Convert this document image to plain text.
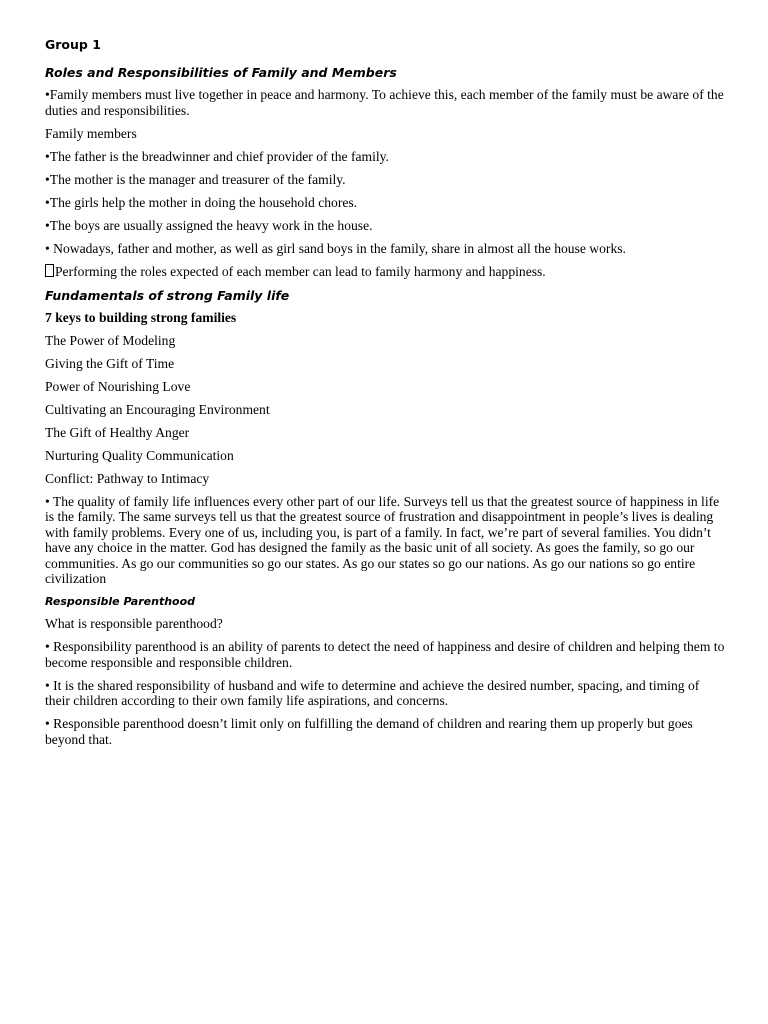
Group 1
Roles and Responsibilities of Family and Members
•Family members must live together in peace and harmony. To achieve this, each member of the family must be aware of the duties and responsibilities.
Family members
•The father is the breadwinner and chief provider of the family.
•The mother is the manager and treasurer of the family.
•The girls help the mother in doing the household chores.
•The boys are usually assigned the heavy work in the house.
• Nowadays, father and mother, as well as girl sand boys in the family, share in almost all the house works.
Performing the roles expected of each member can lead to family harmony and happiness.
Fundamentals of strong Family life
7 keys to building strong families
The Power of Modeling
Giving the Gift of Time
Power of Nourishing Love
Cultivating an Encouraging Environment
The Gift of Healthy Anger
Nurturing Quality Communication
Conflict: Pathway to Intimacy
• The quality of family life influences every other part of our life. Surveys tell us that the greatest source of happiness in life is the family. The same surveys tell us that the greatest source of frustration and disappointment in people’s lives is dealing with family problems. Every one of us, including you, is part of a family. In fact, we’re part of several families. You didn’t have any choice in the matter. God has designed the family as the basic unit of all society. As goes the family, so go our communities. As go our communities so go our states. As go our states so go our nations. As go our nations so go entire civilization
Responsible Parenthood
What is responsible parenthood?
• Responsibility parenthood is an ability of parents to detect the need of happiness and desire of children and helping them to become responsible and responsible children.
• It is the shared responsibility of husband and wife to determine and achieve the desired number, spacing, and timing of their children according to their own family life aspirations, and concerns.
• Responsible parenthood doesn’t limit only on fulfilling the demand of children and rearing them up properly but goes beyond that.
